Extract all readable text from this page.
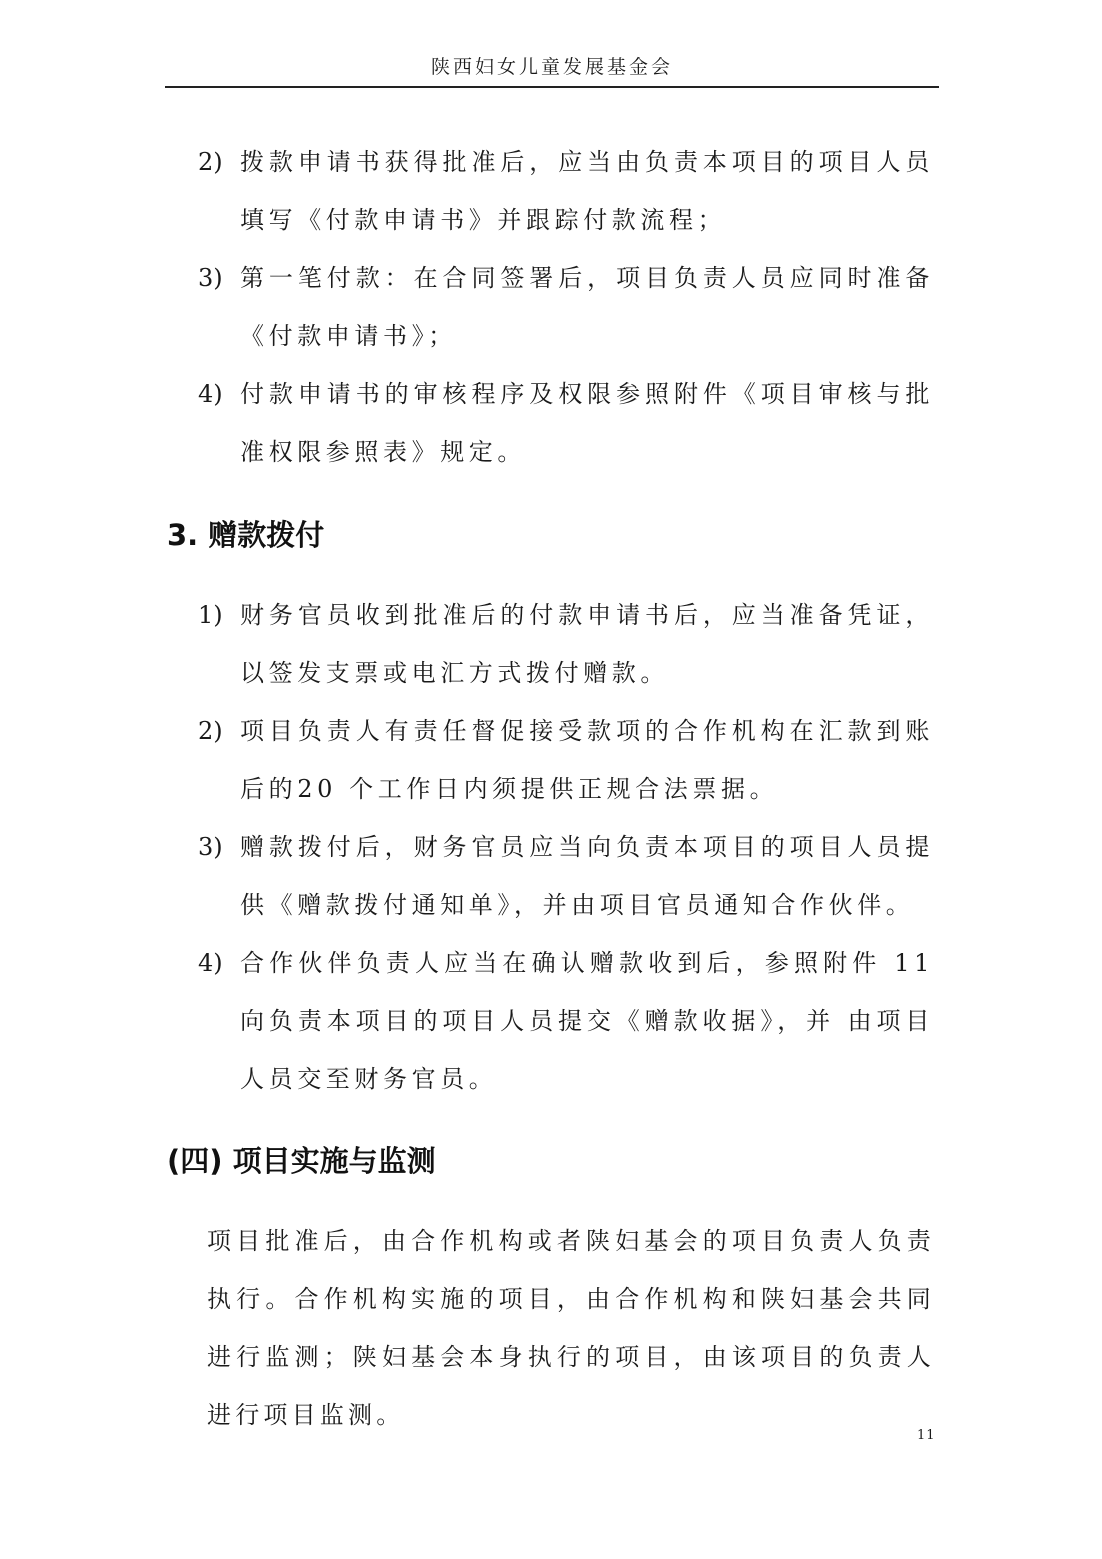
陕西妇女儿童发展基金会
2) 拨款申请书获得批准后，应当由负责本项目的项目人员填写《付款申请书》并跟踪付款流程；
3) 第一笔付款：在合同签署后，项目负责人员应同时准备《付款申请书》；
4) 付款申请书的审核程序及权限参照附件《项目审核与批准权限参照表》规定。
3. 赠款拨付
1) 财务官员收到批准后的付款申请书后，应当准备凭证，以签发支票或电汇方式拨付赠款。
2) 项目负责人有责任督促接受款项的合作机构在汇款到账后的20 个工作日内须提供正规合法票据。
3) 赠款拨付后，财务官员应当向负责本项目的项目人员提供《赠款拨付通知单》，并由项目官员通知合作伙伴。
4) 合作伙伴负责人应当在确认赠款收到后，参照附件 11 向负责本项目的项目人员提交《赠款收据》，并 由项目人员交至财务官员。
(四) 项目实施与监测
项目批准后，由合作机构或者陕妇基会的项目负责人负责执行。合作机构实施的项目，由合作机构和陕妇基会共同进行监测；陕妇基会本身执行的项目，由该项目的负责人进行项目监测。
11
